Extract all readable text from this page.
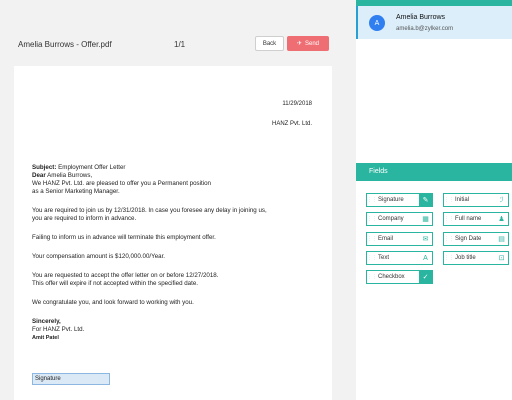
Amelia Burrows - Offer.pdf	1/1	Back	✈ Send
11/29/2018
HANZ Pvt. Ltd.
Subject: Employment Offer Letter
Dear Amelia Burrows,
We HANZ Pvt. Ltd. are pleased to offer you a Permanent position
as a Senior Marketing Manager.
You are required to join us by 12/31/2018. In case you foresee any delay in joining us,
you are required to inform in advance.
Failing to inform us in advance will terminate this employment offer.
Your compensation amount is $120,000.00/Year.
You are requested to accept the offer letter on or before 12/27/2018.
This offer will expire if not accepted within the specified date.
We congratulate you, and look forward to working with you.
Sincerely,
For HANZ Pvt. Ltd.
Amit Patel
Signature
A
Amelia Burrows
amelia.b@zylker.com
Fields
⋮⋮ Signature	✎
⋮⋮ Company	▦
⋮⋮ Email	✉
⋮⋮ Text	A
⋮⋮ Checkbox	✓
⋮⋮ Initial	ℐ
⋮⋮ Full name	♟
⋮⋮ Sign Date	▤
⋮⋮ Job title	⊡
